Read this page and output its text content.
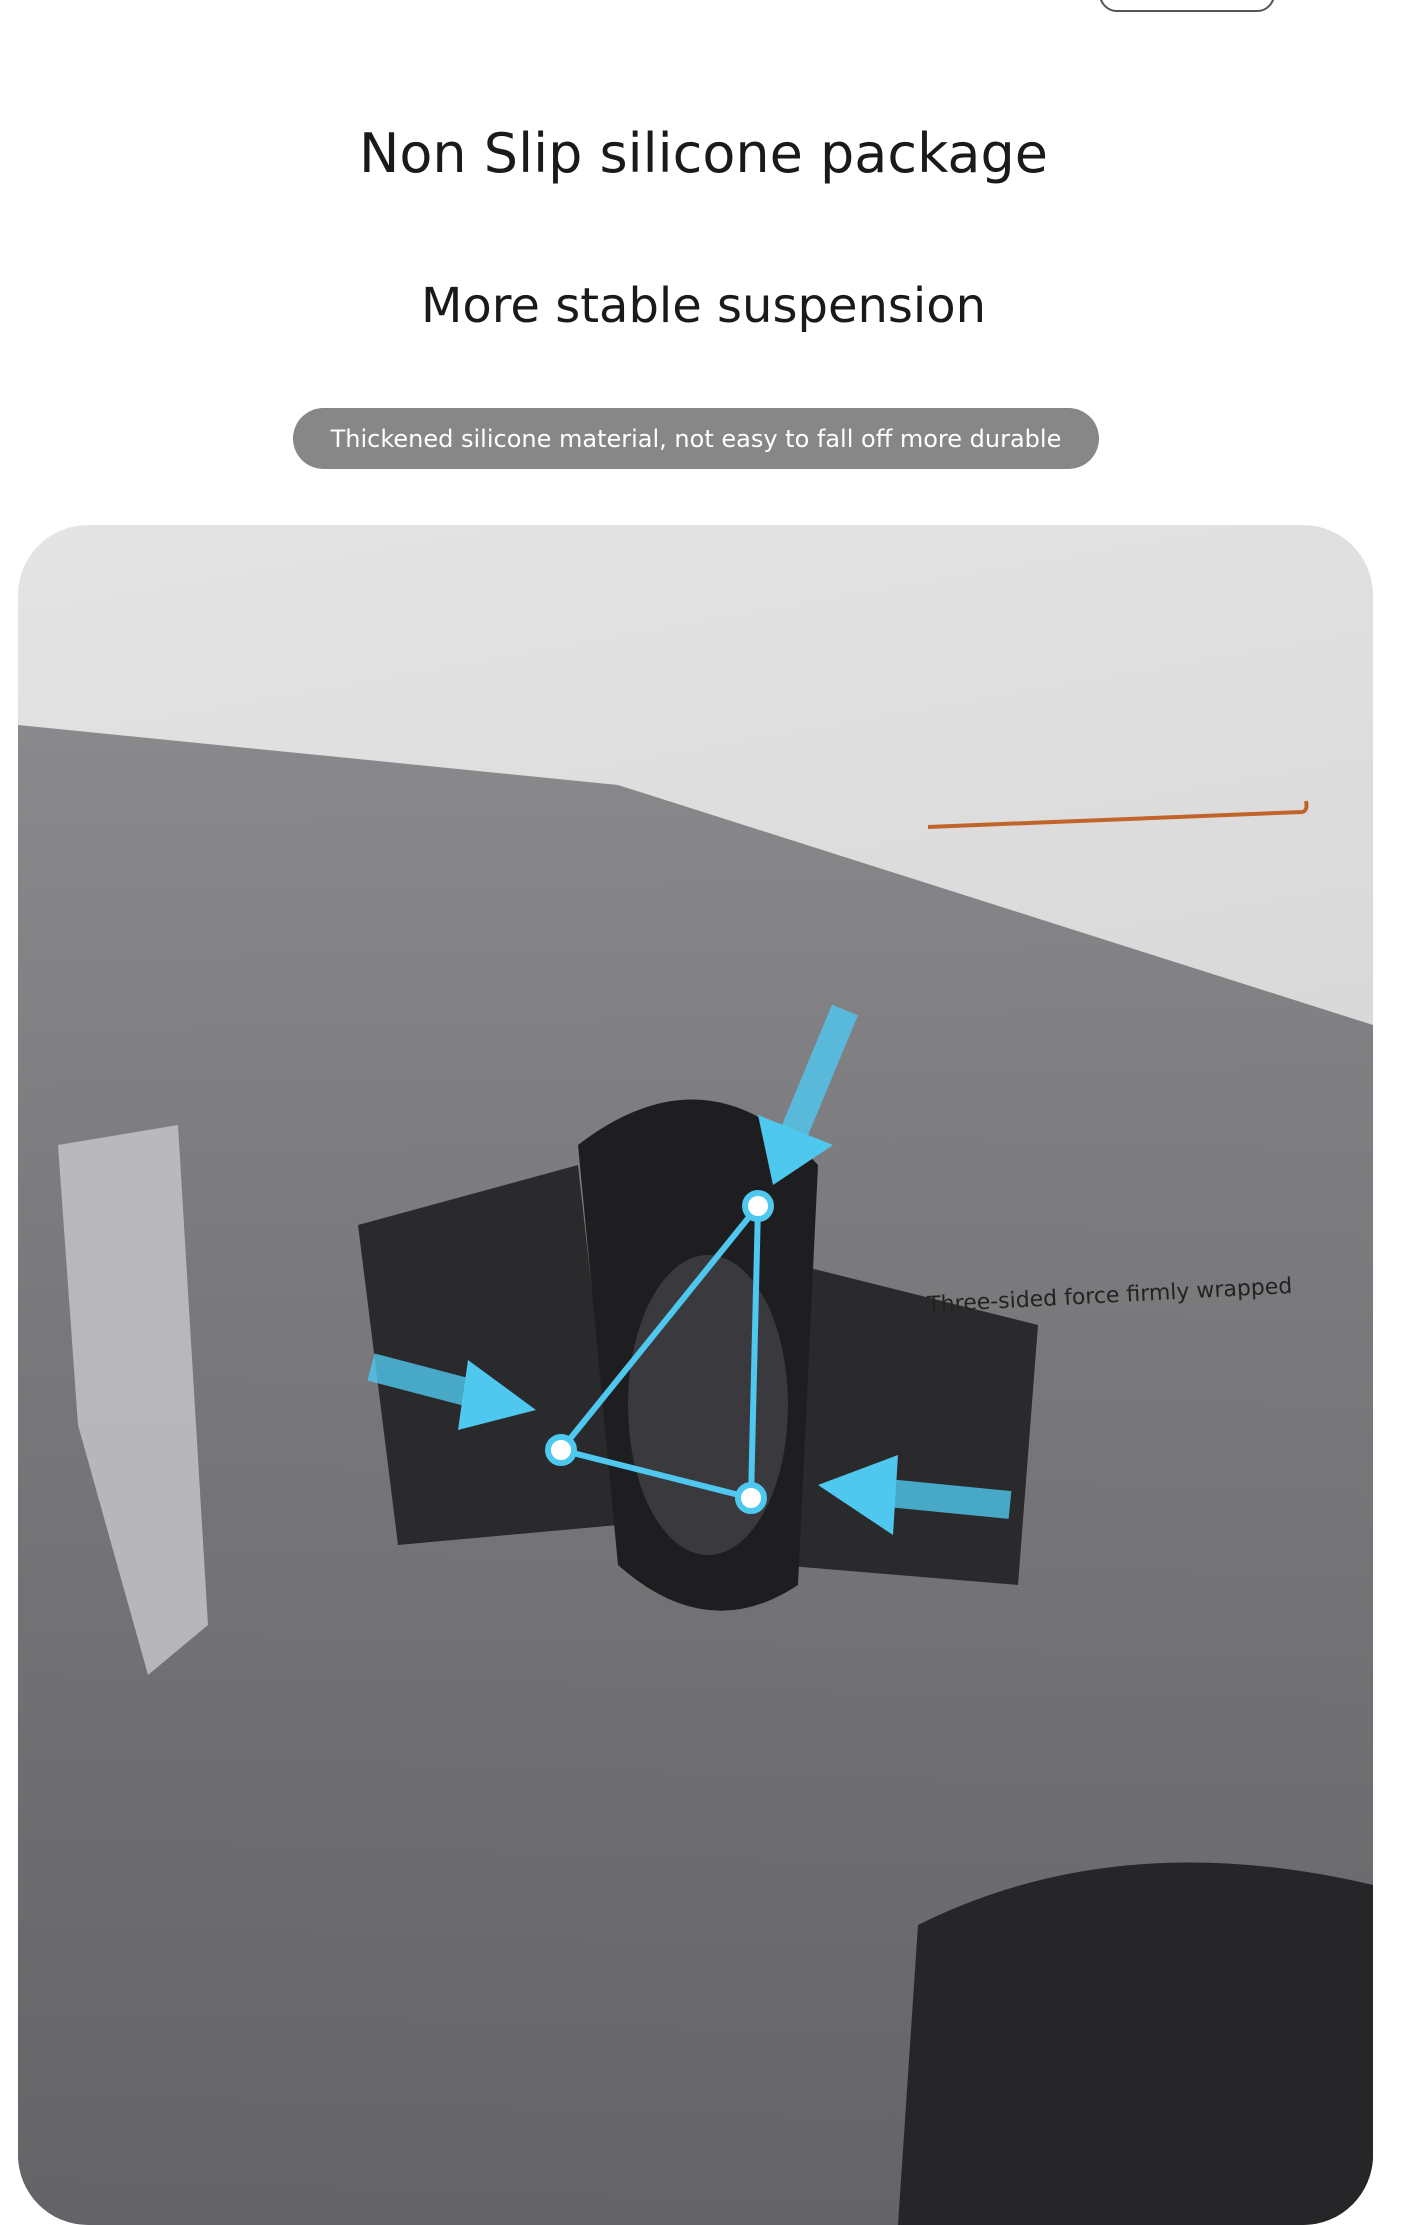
Non Slip silicone package
More stable suspension
Thickened silicone material, not easy to fall off more durable
Three-sided force firmly wrapped
